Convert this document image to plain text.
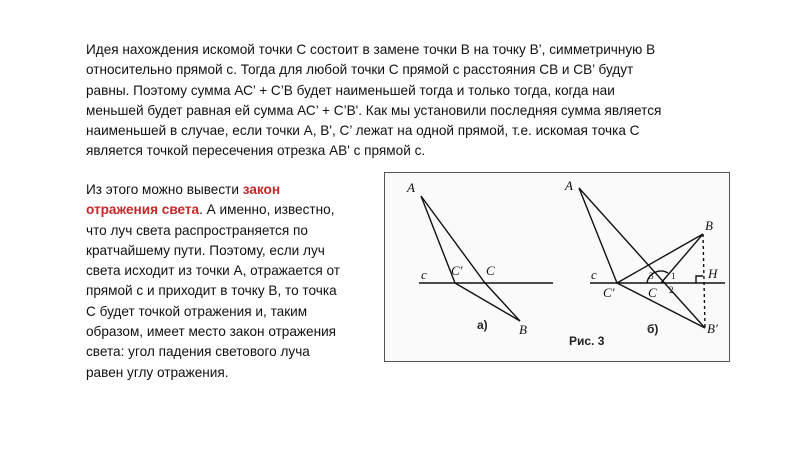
Идея нахождения искомой точки С состоит в замене точки В на точку В’, симметричную В
относительно прямой с. Тогда для любой точки С прямой с расстояния СВ и СВ’ будут
равны. Поэтому сумма АС’ + С’В будет наименьшей тогда и только тогда, когда наи
меньшей будет равная ей сумма АС’ + С’В'. Как мы установили последняя сумма является
наименьшей в случае, если точки А, В', С’ лежат на одной прямой, т.е. искомая точка С
является точкой пересечения отрезка АВ' с прямой с.

Из этого можно вывести закон
отражения света. А именно, известно,
что луч света распространяется по
кратчайшему пути. Поэтому, если луч
света исходит из точки А, отражается от
прямой с и приходит в точку В, то точка
С будет точкой отражения и, таким
образом, имеет место закон отражения
света: угол падения светового луча
равен углу отражения.

A
c C′ C
B
а)
A
B
H
c
C′	C
B′
3 1
2
б)
Рис. 3
